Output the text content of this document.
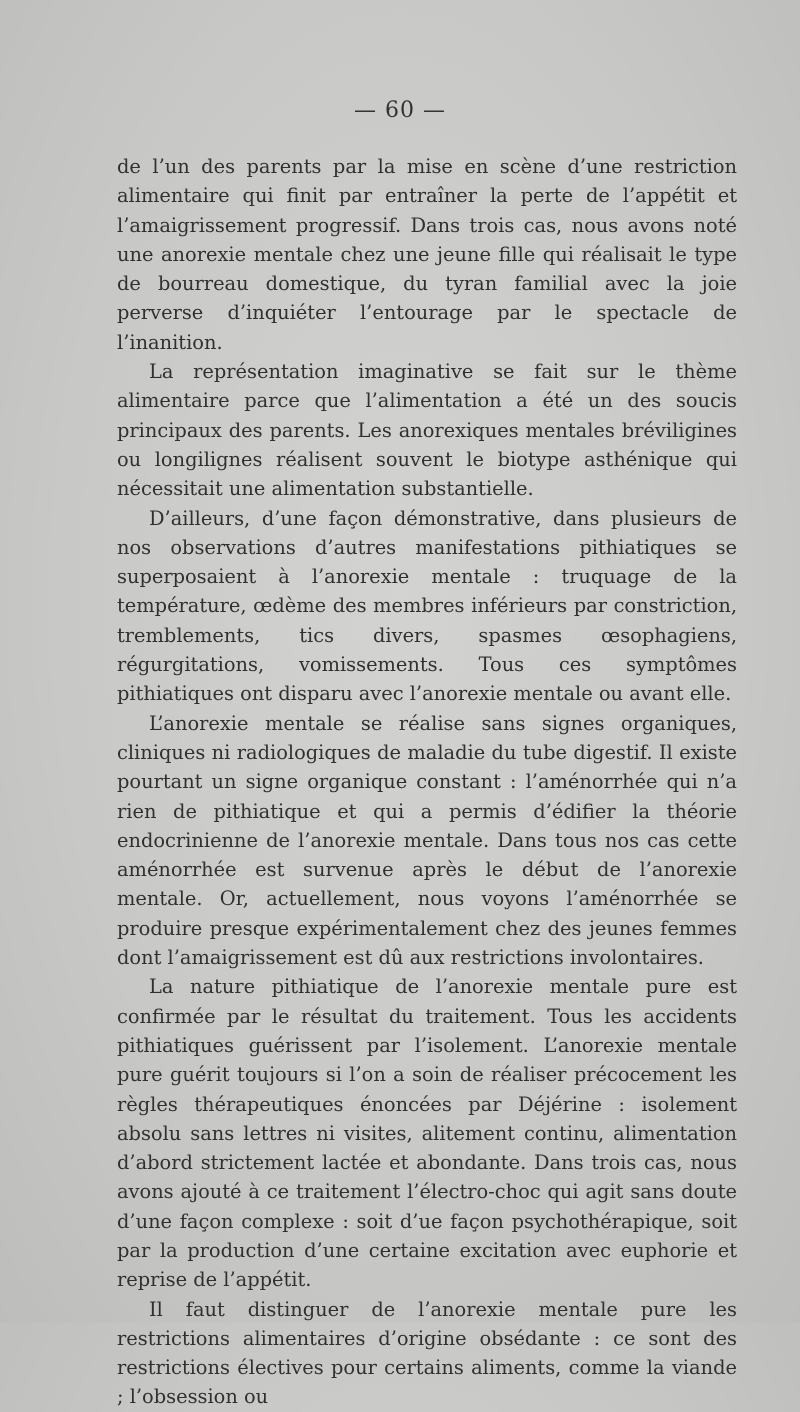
— 60 —

de l’un des parents par la mise en scène d’une restriction alimentaire qui finit par entraîner la perte de l’appétit et l’amaigrissement progressif. Dans trois cas, nous avons noté une anorexie mentale chez une jeune fille qui réalisait le type de bourreau domestique, du tyran familial avec la joie perverse d’inquiéter l’entourage par le spectacle de l’inanition.

La représentation imaginative se fait sur le thème alimentaire parce que l’alimentation a été un des soucis principaux des parents. Les anorexiques mentales bréviligines ou longilignes réalisent souvent le biotype asthénique qui nécessitait une alimentation substantielle.

D’ailleurs, d’une façon démonstrative, dans plusieurs de nos observations d’autres manifestations pithiatiques se superposaient à l’anorexie mentale : truquage de la température, œdème des membres inférieurs par constriction, tremblements, tics divers, spasmes œsophagiens, régurgitations, vomissements. Tous ces symptômes pithiatiques ont disparu avec l’anorexie mentale ou avant elle.

L’anorexie mentale se réalise sans signes organiques, cliniques ni radiologiques de maladie du tube digestif. Il existe pourtant un signe organique constant : l’aménorrhée qui n’a rien de pithiatique et qui a permis d’édifier la théorie endocrinienne de l’anorexie mentale. Dans tous nos cas cette aménorrhée est survenue après le début de l’anorexie mentale. Or, actuellement, nous voyons l’aménorrhée se produire presque expérimentalement chez des jeunes femmes dont l’amaigrissement est dû aux restrictions involontaires.

La nature pithiatique de l’anorexie mentale pure est confirmée par le résultat du traitement. Tous les accidents pithiatiques guérissent par l’isolement. L’anorexie mentale pure guérit toujours si l’on a soin de réaliser précocement les règles thérapeutiques énoncées par Déjérine : isolement absolu sans lettres ni visites, alitement continu, alimentation d’abord strictement lactée et abondante. Dans trois cas, nous avons ajouté à ce traitement l’électro-choc qui agit sans doute d’une façon complexe : soit d’ue façon psychothérapique, soit par la production d’une certaine excitation avec euphorie et reprise de l’appétit.

Il faut distinguer de l’anorexie mentale pure les restrictions alimentaires d’origine obsédante : ce sont des restrictions électives pour certains aliments, comme la viande ; l’obsession ou
